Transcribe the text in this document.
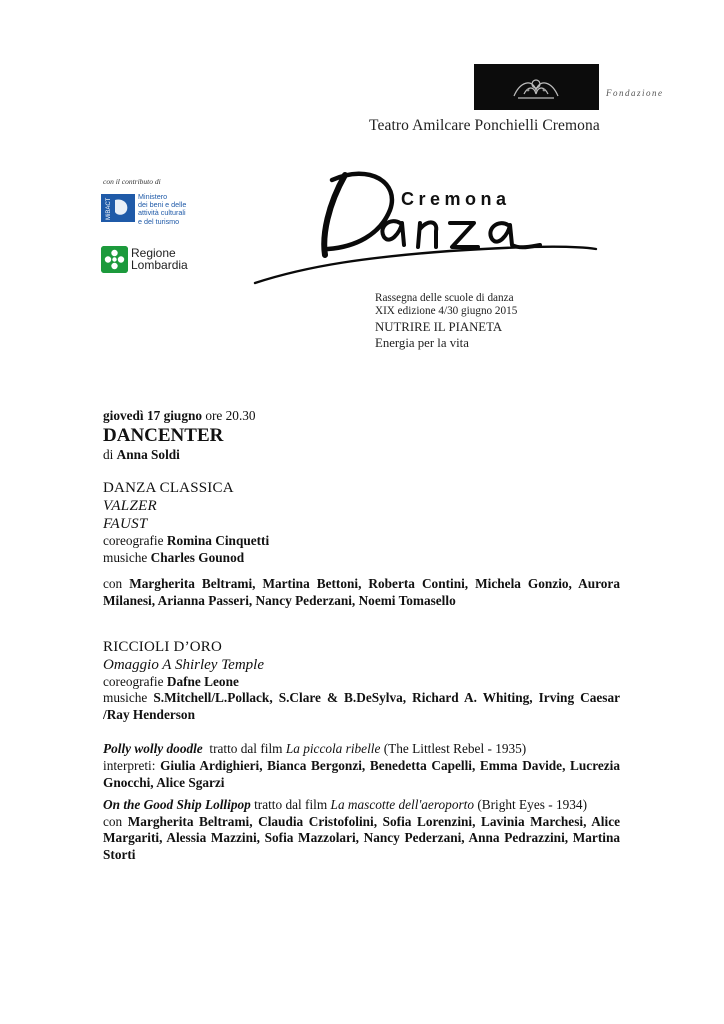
Fondazione
Teatro Amilcare Ponchielli Cremona
con il contributo di
MiBACT
Ministero
dei beni e delle
attività culturali
e del turismo
Regione
Lombardia
Cremona
Rassegna delle scuole di danza
XIX edizione 4/30 giugno 2015
NUTRIRE IL PIANETA
Energia per la vita

giovedì 17 giugno ore 20.30

DANCENTER

di Anna Soldi

DANZA CLASSICA

VALZER

FAUST

coreografie Romina Cinquetti

musiche Charles Gounod

con Margherita Beltrami, Martina Bettoni, Roberta Contini, Michela Gonzio, Aurora Milanesi, Arianna Passeri, Nancy Pederzani, Noemi Tomasello

RICCIOLI D’ORO

Omaggio A Shirley Temple

coreografie Dafne Leone

musiche S.Mitchell/L.Pollack, S.Clare & B.DeSylva, Richard A. Whiting, Irving Caesar /Ray Henderson

Polly wolly doodle tratto dal film La piccola ribelle (The Littlest Rebel - 1935)

interpreti: Giulia Ardighieri, Bianca Bergonzi, Benedetta Capelli, Emma Davide, Lucrezia Gnocchi, Alice Sgarzi

On the Good Ship Lollipop tratto dal film La mascotte dell'aeroporto (Bright Eyes - 1934)

con Margherita Beltrami, Claudia Cristofolini, Sofia Lorenzini, Lavinia Marchesi, Alice Margariti, Alessia Mazzini, Sofia Mazzolari, Nancy Pederzani, Anna Pedrazzini, Martina Storti
